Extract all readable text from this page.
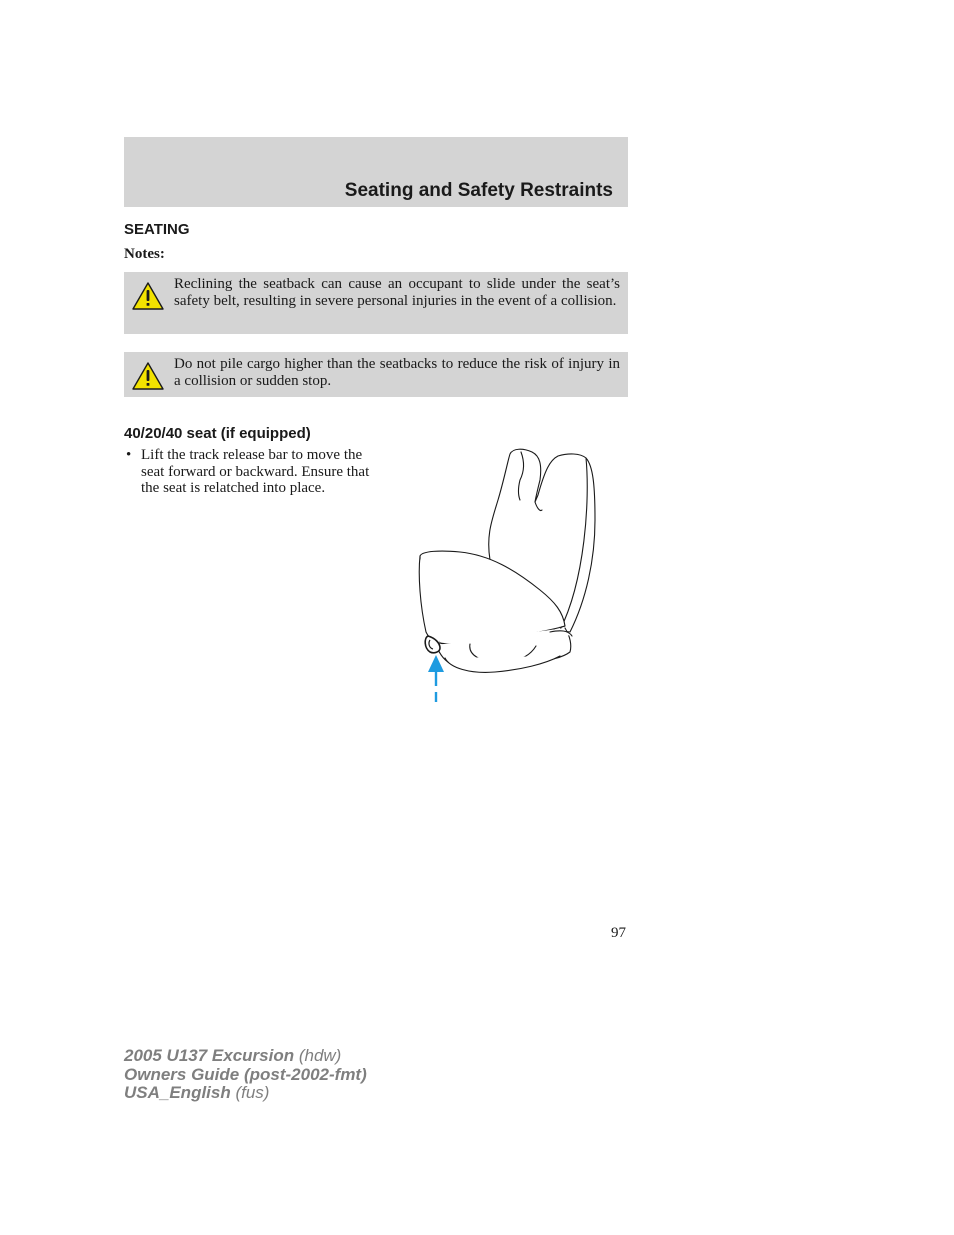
Seating and Safety Restraints
SEATING
Notes:

Reclining the seatback can cause an occupant to slide under the seat’s safety belt, resulting in severe personal injuries in the event of a collision.

Do not pile cargo higher than the seatbacks to reduce the risk of injury in a collision or sudden stop.

40/20/40 seat (if equipped)
• Lift the track release bar to move the seat forward or backward. Ensure that the seat is relatched into place.
97
2005 U137 Excursion (hdw)
Owners Guide (post-2002-fmt)
USA_English (fus)
